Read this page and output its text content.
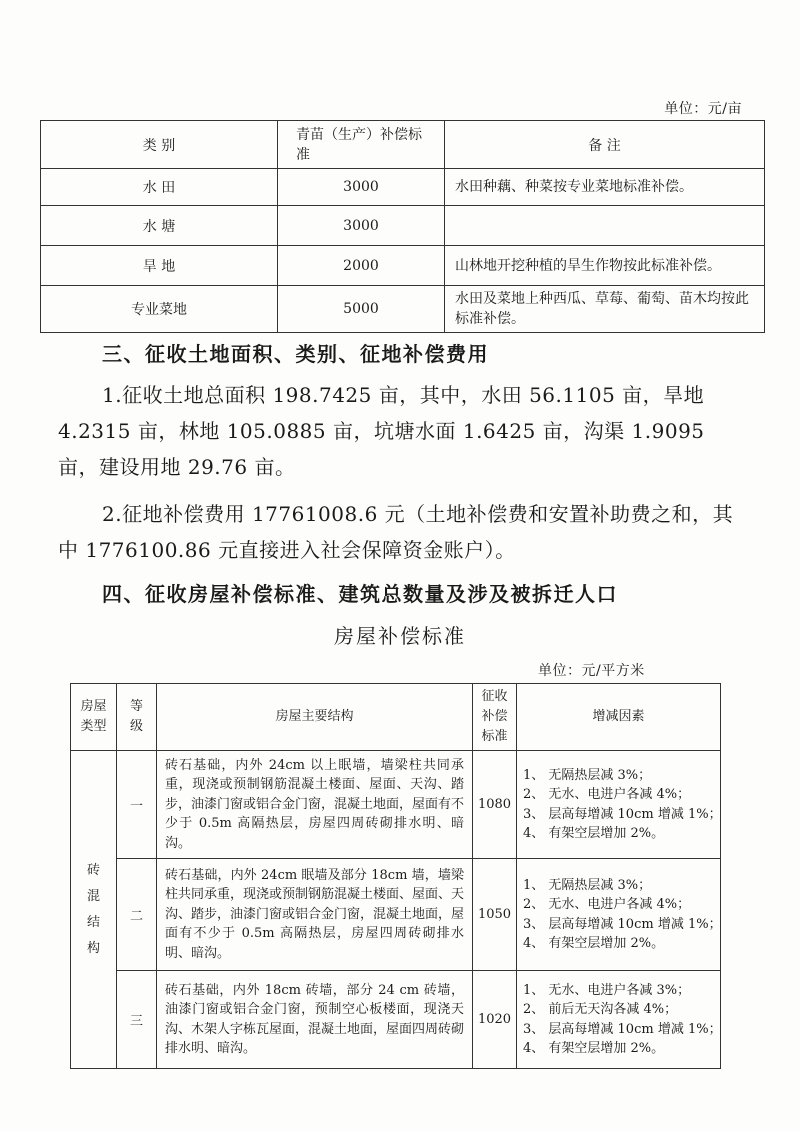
单位：元/亩
类 别	青苗（生产）补偿标准	备 注
水 田	3000	水田种藕、种菜按专业菜地标准补偿。
水 塘	3000	
旱 地	2000	山林地开挖种植的旱生作物按此标准补偿。
专业菜地	5000	水田及菜地上种西瓜、草莓、葡萄、苗木均按此标准补偿。
三、征收土地面积、类别、征地补偿费用
1.征收土地总面积 198.7425 亩，其中，水田 56.1105 亩，旱地 4.2315 亩，林地 105.0885 亩，坑塘水面 1.6425 亩，沟渠 1.9095 亩，建设用地 29.76 亩。
2.征地补偿费用 17761008.6 元（土地补偿费和安置补助费之和，其中 1776100.86 元直接进入社会保障资金账户）。
四、征收房屋补偿标准、建筑总数量及涉及被拆迁人口
房屋补偿标准
单位：元/平方米
房屋类型	等级	房屋主要结构	征收补偿标准	增减因素
砖混结构	一	砖石基础，内外 24cm 以上眠墙，墙梁柱共同承重，现浇或预制钢筋混凝土楼面、屋面、天沟、踏步，油漆门窗或铝合金门窗，混凝土地面，屋面有不少于 0.5m 高隔热层，房屋四周砖砌排水明、暗沟。	1080	1、 无隔热层减 3%；
2、 无水、电进户各减 4%；
3、 层高每增减 10cm 增减 1%；
4、 有架空层增加 2%。

	二	砖石基础，内外 24cm 眠墙及部分 18cm 墙，墙梁柱共同承重，现浇或预制钢筋混凝土楼面、屋面、天沟、踏步，油漆门窗或铝合金门窗，混凝土地面，屋面有不少于 0.5m 高隔热层，房屋四周砖砌排水明、暗沟。	1050	1、 无隔热层减 3%；
2、 无水、电进户各减 4%；
3、 层高每增减 10cm 增减 1%；
4、 有架空层增加 2%。

	三	砖石基础，内外 18cm 砖墙，部分 24 cm 砖墙，油漆门窗或铝合金门窗，预制空心板楼面，现浇天沟、木架人字栋瓦屋面，混凝土地面，屋面四周砖砌排水明、暗沟。	1020	1、 无水、电进户各减 3%；
2、 前后无天沟各减 4%；
3、 层高每增减 10cm 增减 1%；
4、 有架空层增加 2%。
